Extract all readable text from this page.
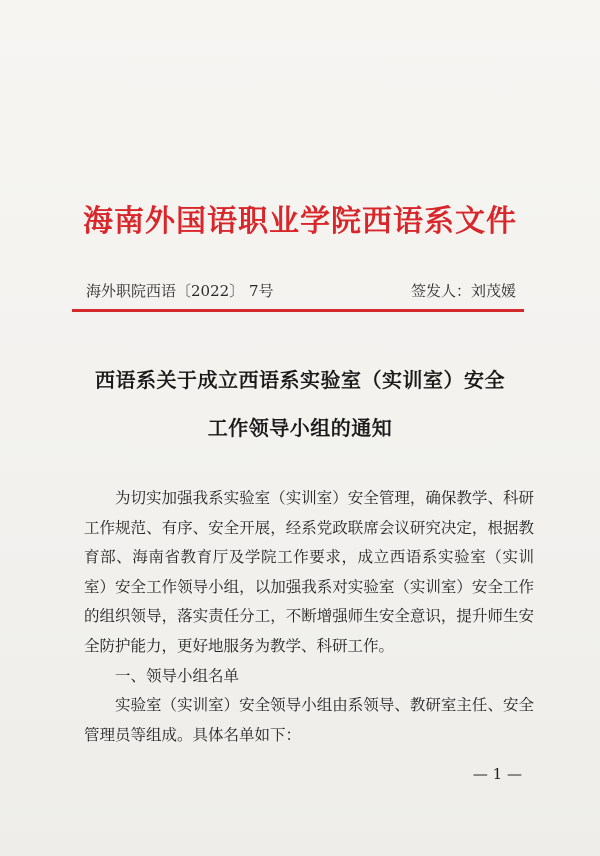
海南外国语职业学院西语系文件
海外职院西语〔2022〕 7号	签发人：刘茂媛
西语系关于成立西语系实验室（实训室）安全
工作领导小组的通知

为切实加强我系实验室（实训室）安全管理，确保教学、科研工作规范、有序、安全开展，经系党政联席会议研究决定，根据教育部、海南省教育厅及学院工作要求，成立西语系实验室（实训室）安全工作领导小组，以加强我系对实验室（实训室）安全工作的组织领导，落实责任分工，不断增强师生安全意识，提升师生安全防护能力，更好地服务为教学、科研工作。

一、领导小组名单

实验室（实训室）安全领导小组由系领导、教研室主任、安全管理员等组成。具体名单如下：

— 1 —
